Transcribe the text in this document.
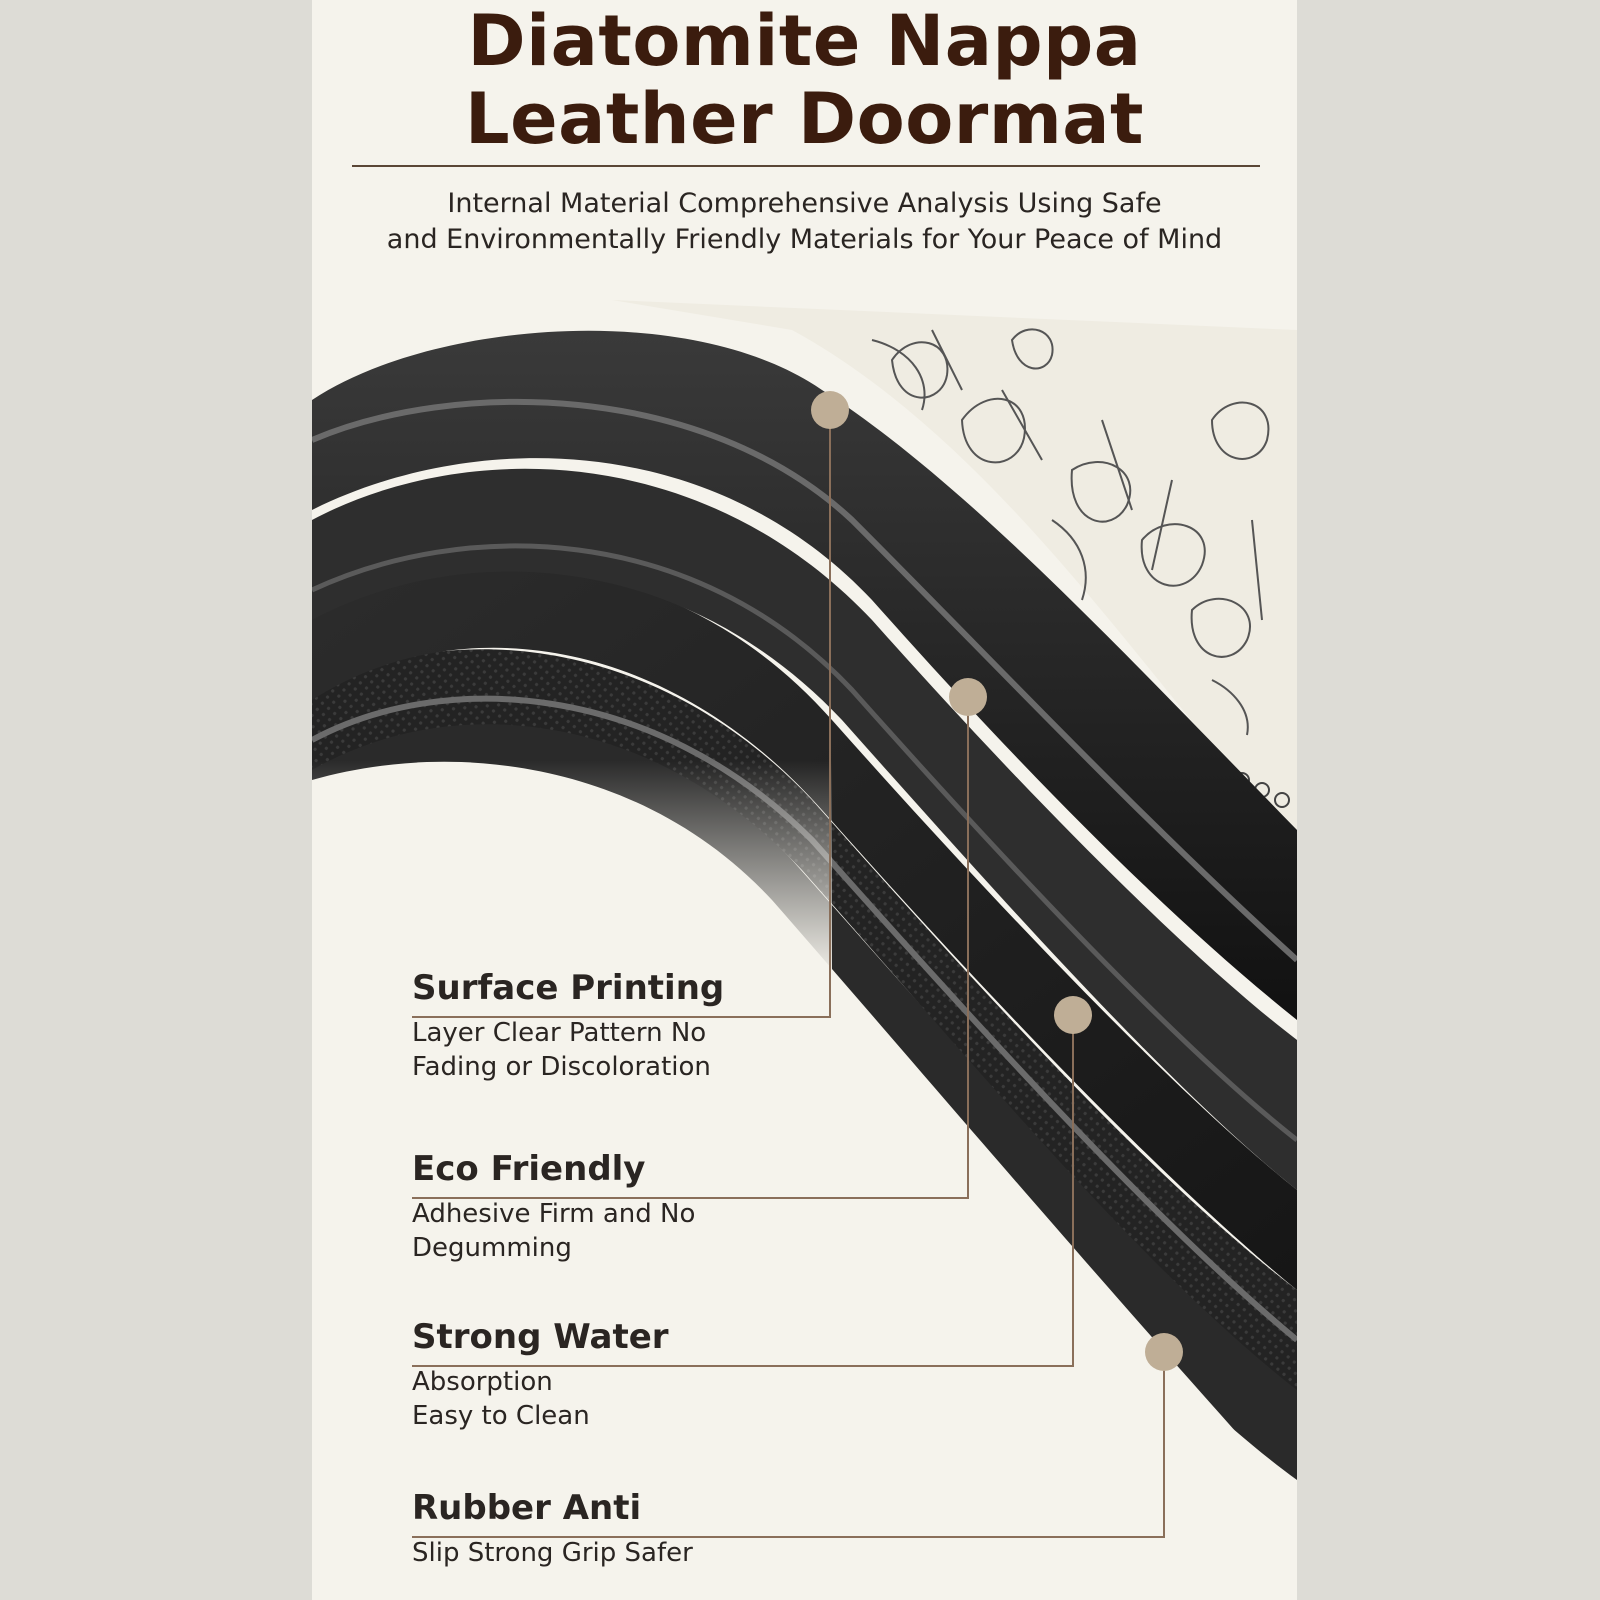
Diatomite Nappa
Leather Doormat
Internal Material Comprehensive Analysis Using Safe
and Environmentally Friendly Materials for Your Peace of Mind
Surface Printing
Layer Clear Pattern No
Fading or Discoloration
Eco Friendly
Adhesive Firm and No
Degumming
Strong Water
Absorption
Easy to Clean
Rubber Anti
Slip Strong Grip Safer
